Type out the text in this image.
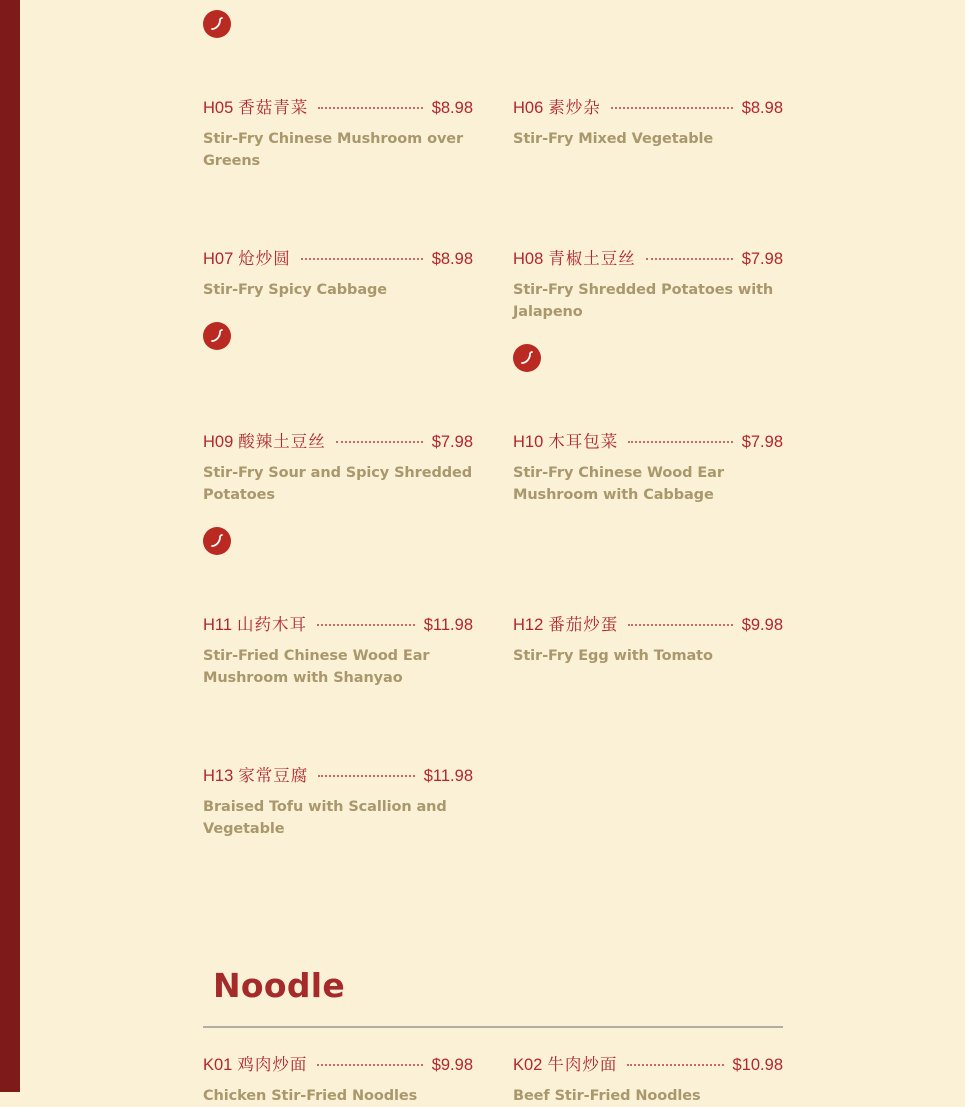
H05 香菇青菜	$8.98
Stir-Fry Chinese Mushroom over Greens
H06 素炒杂	$8.98
Stir-Fry Mixed Vegetable
H07 炝炒圆	$8.98
Stir-Fry Spicy Cabbage
H08 青椒土豆丝	$7.98
Stir-Fry Shredded Potatoes with Jalapeno
H09 酸辣土豆丝	$7.98
Stir-Fry Sour and Spicy Shredded Potatoes
H10 木耳包菜	$7.98
Stir-Fry Chinese Wood Ear Mushroom with Cabbage
H11 山药木耳	$11.98
Stir-Fried Chinese Wood Ear Mushroom with Shanyao
H12 番茄炒蛋	$9.98
Stir-Fry Egg with Tomato
H13 家常豆腐	$11.98
Braised Tofu with Scallion and Vegetable
Noodle
K01 鸡肉炒面	$9.98
Chicken Stir-Fried Noodles
K02 牛肉炒面	$10.98
Beef Stir-Fried Noodles
